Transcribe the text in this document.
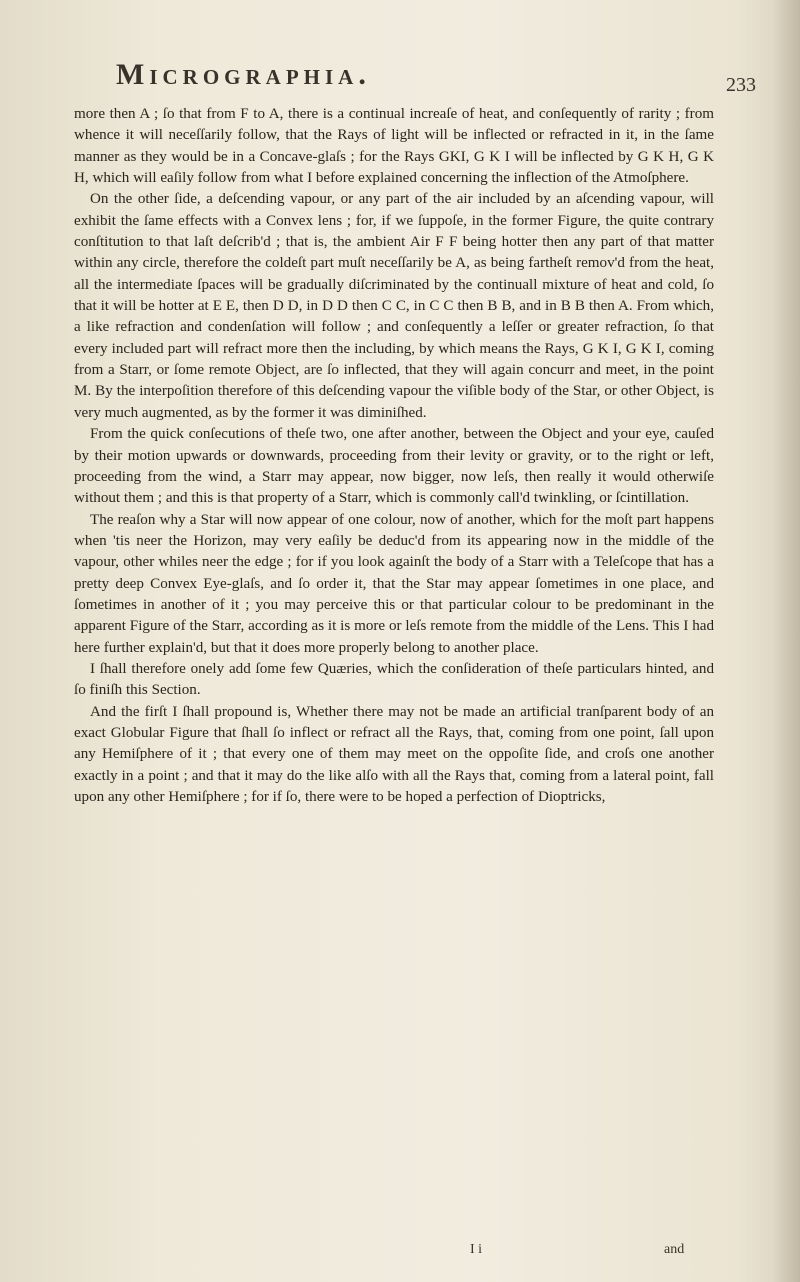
Micrographia.	233

more then A ; ſo that from F to A, there is a continual increaſe of heat, and conſequently of rarity ; from whence it will neceſſarily follow, that the Rays of light will be inflected or refracted in it, in the ſame manner as they would be in a Concave-glaſs ; for the Rays GKI, G K I will be inflected by G K H, G K H, which will eaſily follow from what I before explained concerning the inflection of the Atmoſphere.

On the other ſide, a deſcending vapour, or any part of the air included by an aſcending vapour, will exhibit the ſame effects with a Convex lens ; for, if we ſuppoſe, in the former Figure, the quite contrary conſtitution to that laſt deſcrib'd ; that is, the ambient Air F F being hotter then any part of that matter within any circle, therefore the coldeſt part muſt neceſſarily be A, as being fartheſt remov'd from the heat, all the intermediate ſpaces will be gradually diſcriminated by the continuall mixture of heat and cold, ſo that it will be hotter at E E, then D D, in D D then C C, in C C then B B, and in B B then A. From which, a like refraction and condenſation will follow ; and conſequently a leſſer or greater refraction, ſo that every included part will refract more then the including, by which means the Rays, G K I, G K I, coming from a Starr, or ſome remote Object, are ſo inflected, that they will again concurr and meet, in the point M. By the interpoſition therefore of this deſcending vapour the viſible body of the Star, or other Object, is very much augmented, as by the former it was diminiſhed.

From the quick conſecutions of theſe two, one after another, between the Object and your eye, cauſed by their motion upwards or downwards, proceeding from their levity or gravity, or to the right or left, proceeding from the wind, a Starr may appear, now bigger, now leſs, then really it would otherwiſe without them ; and this is that property of a Starr, which is commonly call'd twinkling, or ſcintillation.

The reaſon why a Star will now appear of one colour, now of another, which for the moſt part happens when 'tis neer the Horizon, may very eaſily be deduc'd from its appearing now in the middle of the vapour, other whiles neer the edge ; for if you look againſt the body of a Starr with a Teleſcope that has a pretty deep Convex Eye-glaſs, and ſo order it, that the Star may appear ſometimes in one place, and ſometimes in another of it ; you may perceive this or that particular colour to be predominant in the apparent Figure of the Starr, according as it is more or leſs remote from the middle of the Lens. This I had here further explain'd, but that it does more properly belong to another place.

I ſhall therefore onely add ſome few Quæries, which the conſideration of theſe particulars hinted, and ſo finiſh this Section.

And the firſt I ſhall propound is, Whether there may not be made an artificial tranſparent body of an exact Globular Figure that ſhall ſo inflect or refract all the Rays, that, coming from one point, ſall upon any Hemiſphere of it ; that every one of them may meet on the oppoſite ſide, and croſs one another exactly in a point ; and that it may do the like alſo with all the Rays that, coming from a lateral point, fall upon any other Hemiſphere ; for if ſo, there were to be hoped a perfection of Dioptricks,

I i	and
